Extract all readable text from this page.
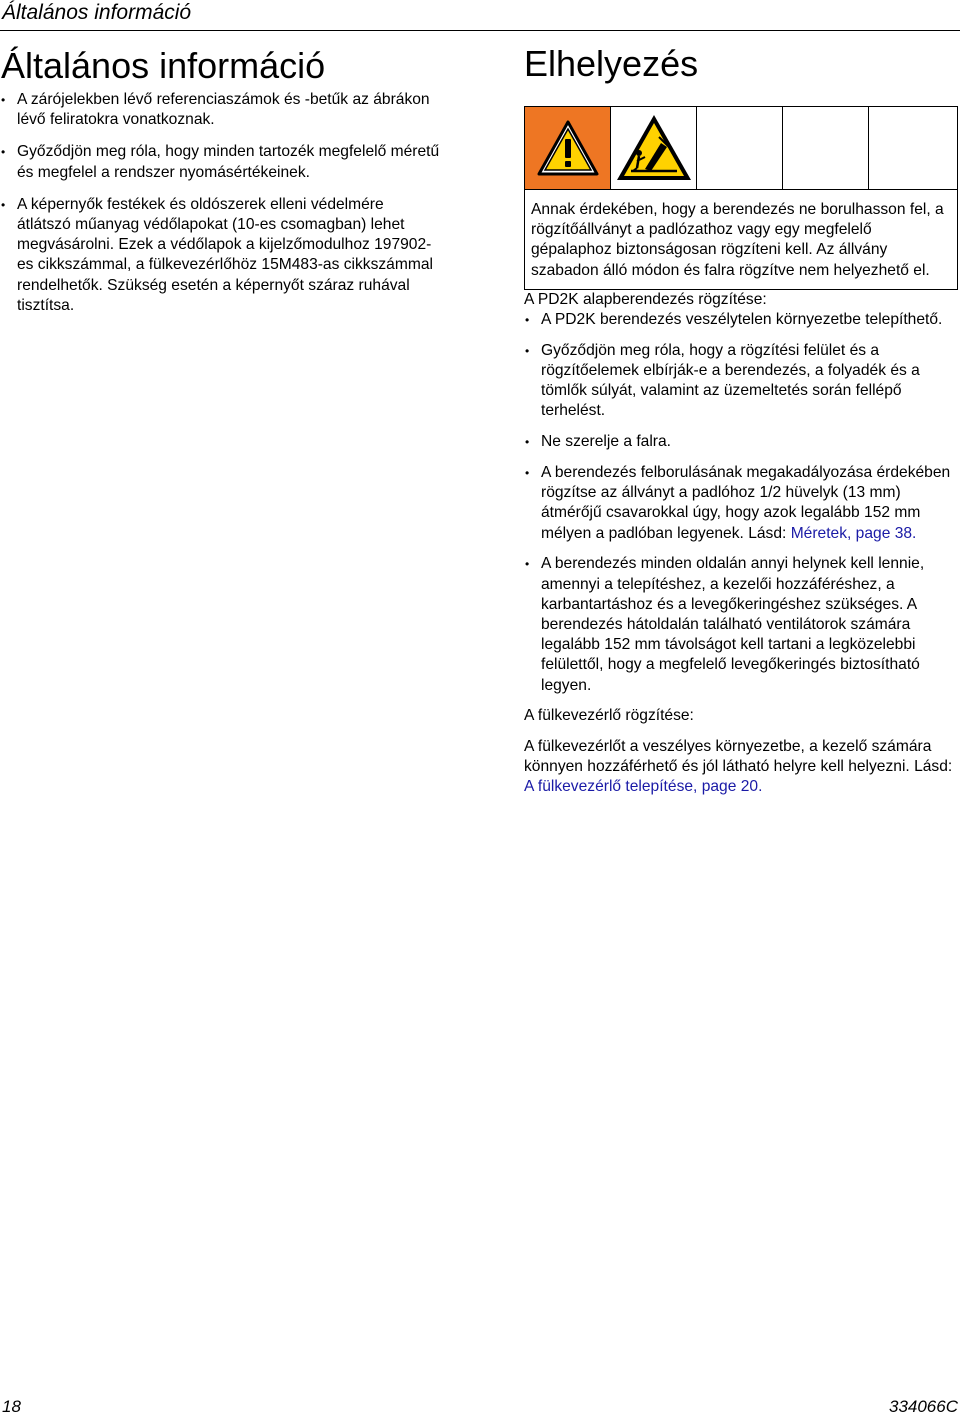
Általános információ
Általános információ
• A zárójelekben lévő referenciaszámok és -betűk az ábrákon lévő feliratokra vonatkoznak.
• Győződjön meg róla, hogy minden tartozék megfelelő méretű és megfelel a rendszer nyomásértékeinek.
• A képernyők festékek és oldószerek elleni védelmére átlátszó műanyag védőlapokat (10-es csomagban) lehet megvásárolni. Ezek a védőlapok a kijelzőmodulhoz 197902-es cikkszámmal, a fülkevezérlőhöz 15M483-as cikkszámmal rendelhetők. Szükség esetén a képernyőt száraz ruhával tisztítsa.
Elhelyezés
Annak érdekében, hogy a berendezés ne borulhasson fel, a rögzítőállványt a padlózathoz vagy egy megfelelő gépalaphoz biztonságosan rögzíteni kell. Az állvány szabadon álló módon és falra rögzítve nem helyezhető el.
A PD2K alapberendezés rögzítése:
• A PD2K berendezés veszélytelen környezetbe telepíthető.
• Győződjön meg róla, hogy a rögzítési felület és a rögzítőelemek elbírják-e a berendezés, a folyadék és a tömlők súlyát, valamint az üzemeltetés során fellépő terhelést.
• Ne szerelje a falra.
• A berendezés felborulásának megakadályozása érdekében rögzítse az állványt a padlóhoz 1/2 hüvelyk (13 mm) átmérőjű csavarokkal úgy, hogy azok legalább 152 mm mélyen a padlóban legyenek. Lásd: Méretek, page 38.
• A berendezés minden oldalán annyi helynek kell lennie, amennyi a telepítéshez, a kezelői hozzáféréshez, a karbantartáshoz és a levegőkeringéshez szükséges. A berendezés hátoldalán található ventilátorok számára legalább 152 mm távolságot kell tartani a legközelebbi felülettől, hogy a megfelelő levegőkeringés biztosítható legyen.
A fülkevezérlő rögzítése:
A fülkevezérlőt a veszélyes környezetbe, a kezelő számára könnyen hozzáférhető és jól látható helyre kell helyezni. Lásd: A fülkevezérlő telepítése, page 20.
18	334066C
